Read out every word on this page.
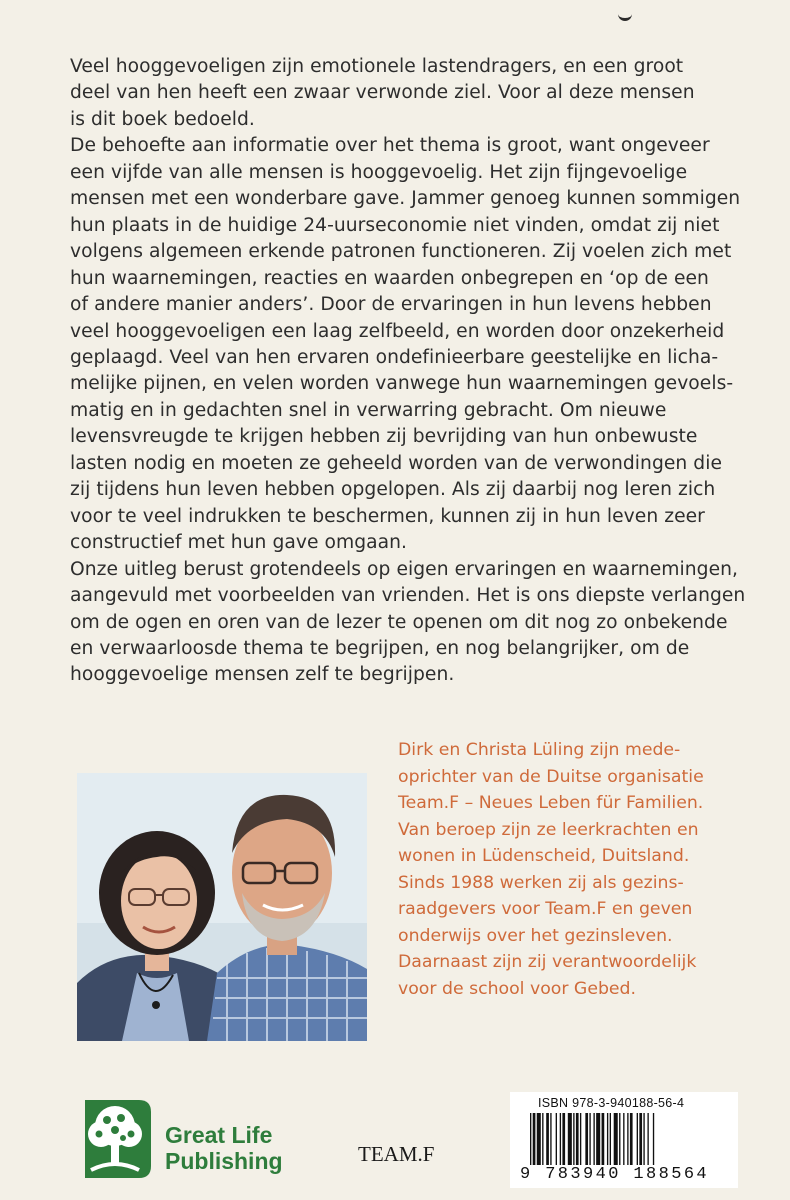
Veel hooggevoeligen zijn emotionele lastendragers, en een groot
deel van hen heeft een zwaar verwonde ziel. Voor al deze mensen
is dit boek bedoeld.
De behoefte aan informatie over het thema is groot, want ongeveer
een vijfde van alle mensen is hooggevoelig. Het zijn fijngevoelige
mensen met een wonderbare gave. Jammer genoeg kunnen sommigen
hun plaats in de huidige 24-uurseconomie niet vinden, omdat zij niet
volgens algemeen erkende patronen functioneren. Zij voelen zich met
hun waarnemingen, reacties en waarden onbegrepen en ‘op de een
of andere manier anders’. Door de ervaringen in hun levens hebben
veel hooggevoeligen een laag zelfbeeld, en worden door onzekerheid
geplaagd. Veel van hen ervaren ondefinieerbare geestelijke en licha-
melijke pijnen, en velen worden vanwege hun waarnemingen gevoels-
matig en in gedachten snel in verwarring gebracht. Om nieuwe
levensvreugde te krijgen hebben zij bevrijding van hun onbewuste
lasten nodig en moeten ze geheeld worden van de verwondingen die
zij tijdens hun leven hebben opgelopen. Als zij daarbij nog leren zich
voor te veel indrukken te beschermen, kunnen zij in hun leven zeer
constructief met hun gave omgaan.
Onze uitleg berust grotendeels op eigen ervaringen en waarnemingen,
aangevuld met voorbeelden van vrienden. Het is ons diepste verlangen
om de ogen en oren van de lezer te openen om dit nog zo onbekende
en verwaarloosde thema te begrijpen, en nog belangrijker, om de
hooggevoelige mensen zelf te begrijpen.
Dirk en Christa Lüling zijn mede-
oprichter van de Duitse organisatie
Team.F – Neues Leben für Familien.
Van beroep zijn ze leerkrachten en
wonen in Lüdenscheid, Duitsland.
Sinds 1988 werken zij als gezins-
raadgevers voor Team.F en geven
onderwijs over het gezinsleven.
Daarnaast zijn zij verantwoordelijk
voor de school voor Gebed.
Great Life
Publishing	TEAM.F
ISBN 978-3-940188-56-4
9 783940 188564
